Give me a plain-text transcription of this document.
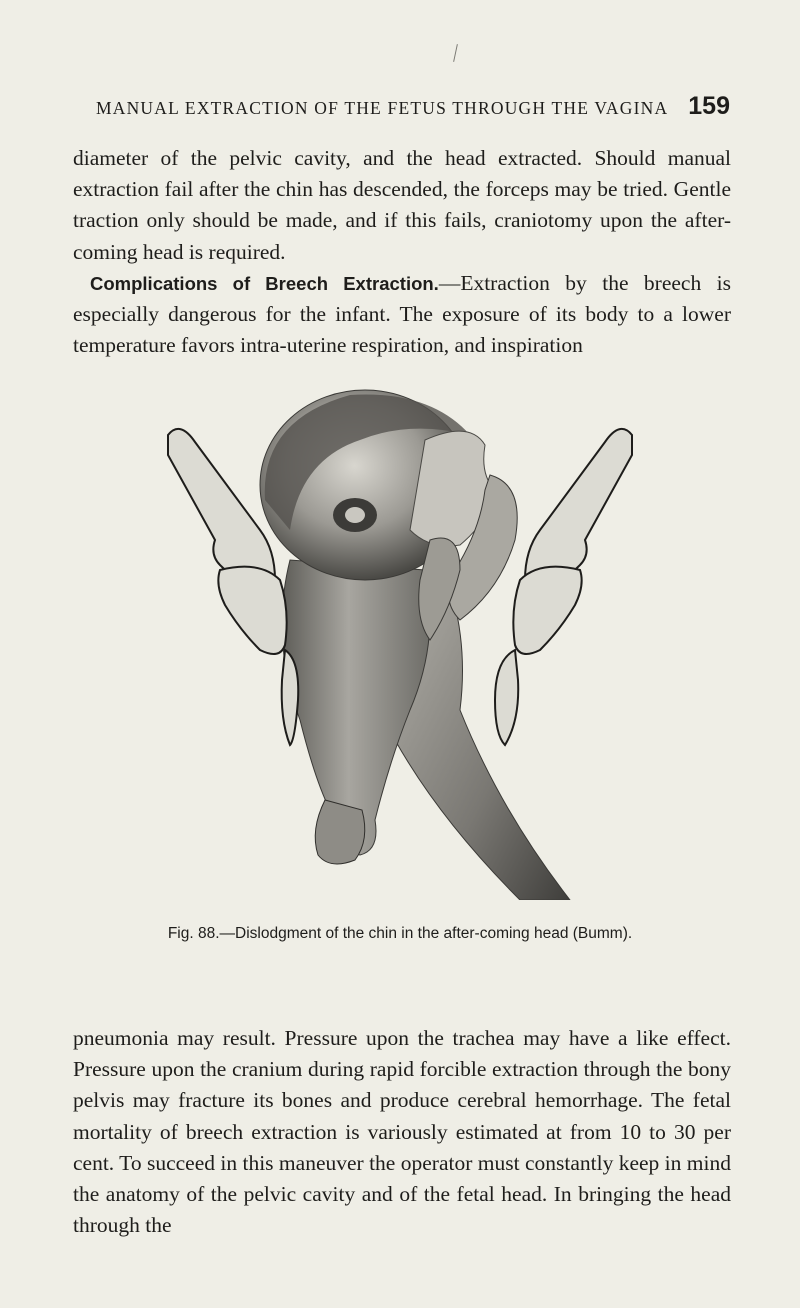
MANUAL EXTRACTION OF THE FETUS THROUGH THE VAGINA 159

diameter of the pelvic cavity, and the head extracted. Should manual extraction fail after the chin has descended, the forceps may be tried. Gentle traction only should be made, and if this fails, craniotomy upon the after-coming head is required.

Complications of Breech Extraction.—Extraction by the breech is especially dangerous for the infant. The exposure of its body to a lower temperature favors intra-uterine respiration, and inspiration

Fig. 88.—Dislodgment of the chin in the after-coming head (Bumm).

pneumonia may result. Pressure upon the trachea may have a like effect. Pressure upon the cranium during rapid forcible extraction through the bony pelvis may fracture its bones and produce cerebral hemorrhage. The fetal mortality of breech extraction is variously estimated at from 10 to 30 per cent. To succeed in this maneuver the operator must constantly keep in mind the anatomy of the pelvic cavity and of the fetal head. In bringing the head through the
